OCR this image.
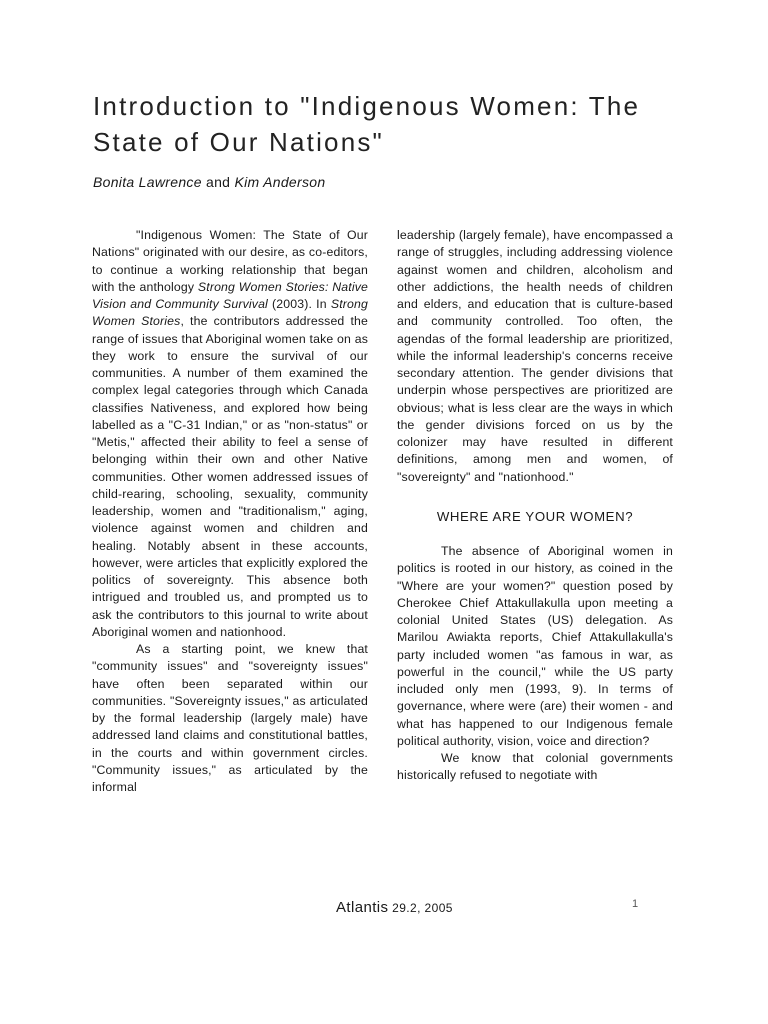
Introduction to "Indigenous Women: The State of Our Nations"
Bonita Lawrence and Kim Anderson

"Indigenous Women: The State of Our Nations" originated with our desire, as co-editors, to continue a working relationship that began with the anthology Strong Women Stories: Native Vision and Community Survival (2003). In Strong Women Stories, the contributors addressed the range of issues that Aboriginal women take on as they work to ensure the survival of our communities. A number of them examined the complex legal categories through which Canada classifies Nativeness, and explored how being labelled as a "C-31 Indian," or as "non-status" or "Metis," affected their ability to feel a sense of belonging within their own and other Native communities. Other women addressed issues of child-rearing, schooling, sexuality, community leadership, women and "traditionalism," aging, violence against women and children and healing. Notably absent in these accounts, however, were articles that explicitly explored the politics of sovereignty. This absence both intrigued and troubled us, and prompted us to ask the contributors to this journal to write about Aboriginal women and nationhood.

As a starting point, we knew that "community issues" and "sovereignty issues" have often been separated within our communities. "Sovereignty issues," as articulated by the formal leadership (largely male) have addressed land claims and constitutional battles, in the courts and within government circles. "Community issues," as articulated by the informal

leadership (largely female), have encompassed a range of struggles, including addressing violence against women and children, alcoholism and other addictions, the health needs of children and elders, and education that is culture-based and community controlled. Too often, the agendas of the formal leadership are prioritized, while the informal leadership's concerns receive secondary attention. The gender divisions that underpin whose perspectives are prioritized are obvious; what is less clear are the ways in which the gender divisions forced on us by the colonizer may have resulted in different definitions, among men and women, of "sovereignty" and "nationhood."

WHERE ARE YOUR WOMEN?

The absence of Aboriginal women in politics is rooted in our history, as coined in the "Where are your women?" question posed by Cherokee Chief Attakullakulla upon meeting a colonial United States (US) delegation. As Marilou Awiakta reports, Chief Attakullakulla's party included women "as famous in war, as powerful in the council," while the US party included only men (1993, 9). In terms of governance, where were (are) their women - and what has happened to our Indigenous female political authority, vision, voice and direction?

We know that colonial governments historically refused to negotiate with

Atlantis 29.2, 2005	1
